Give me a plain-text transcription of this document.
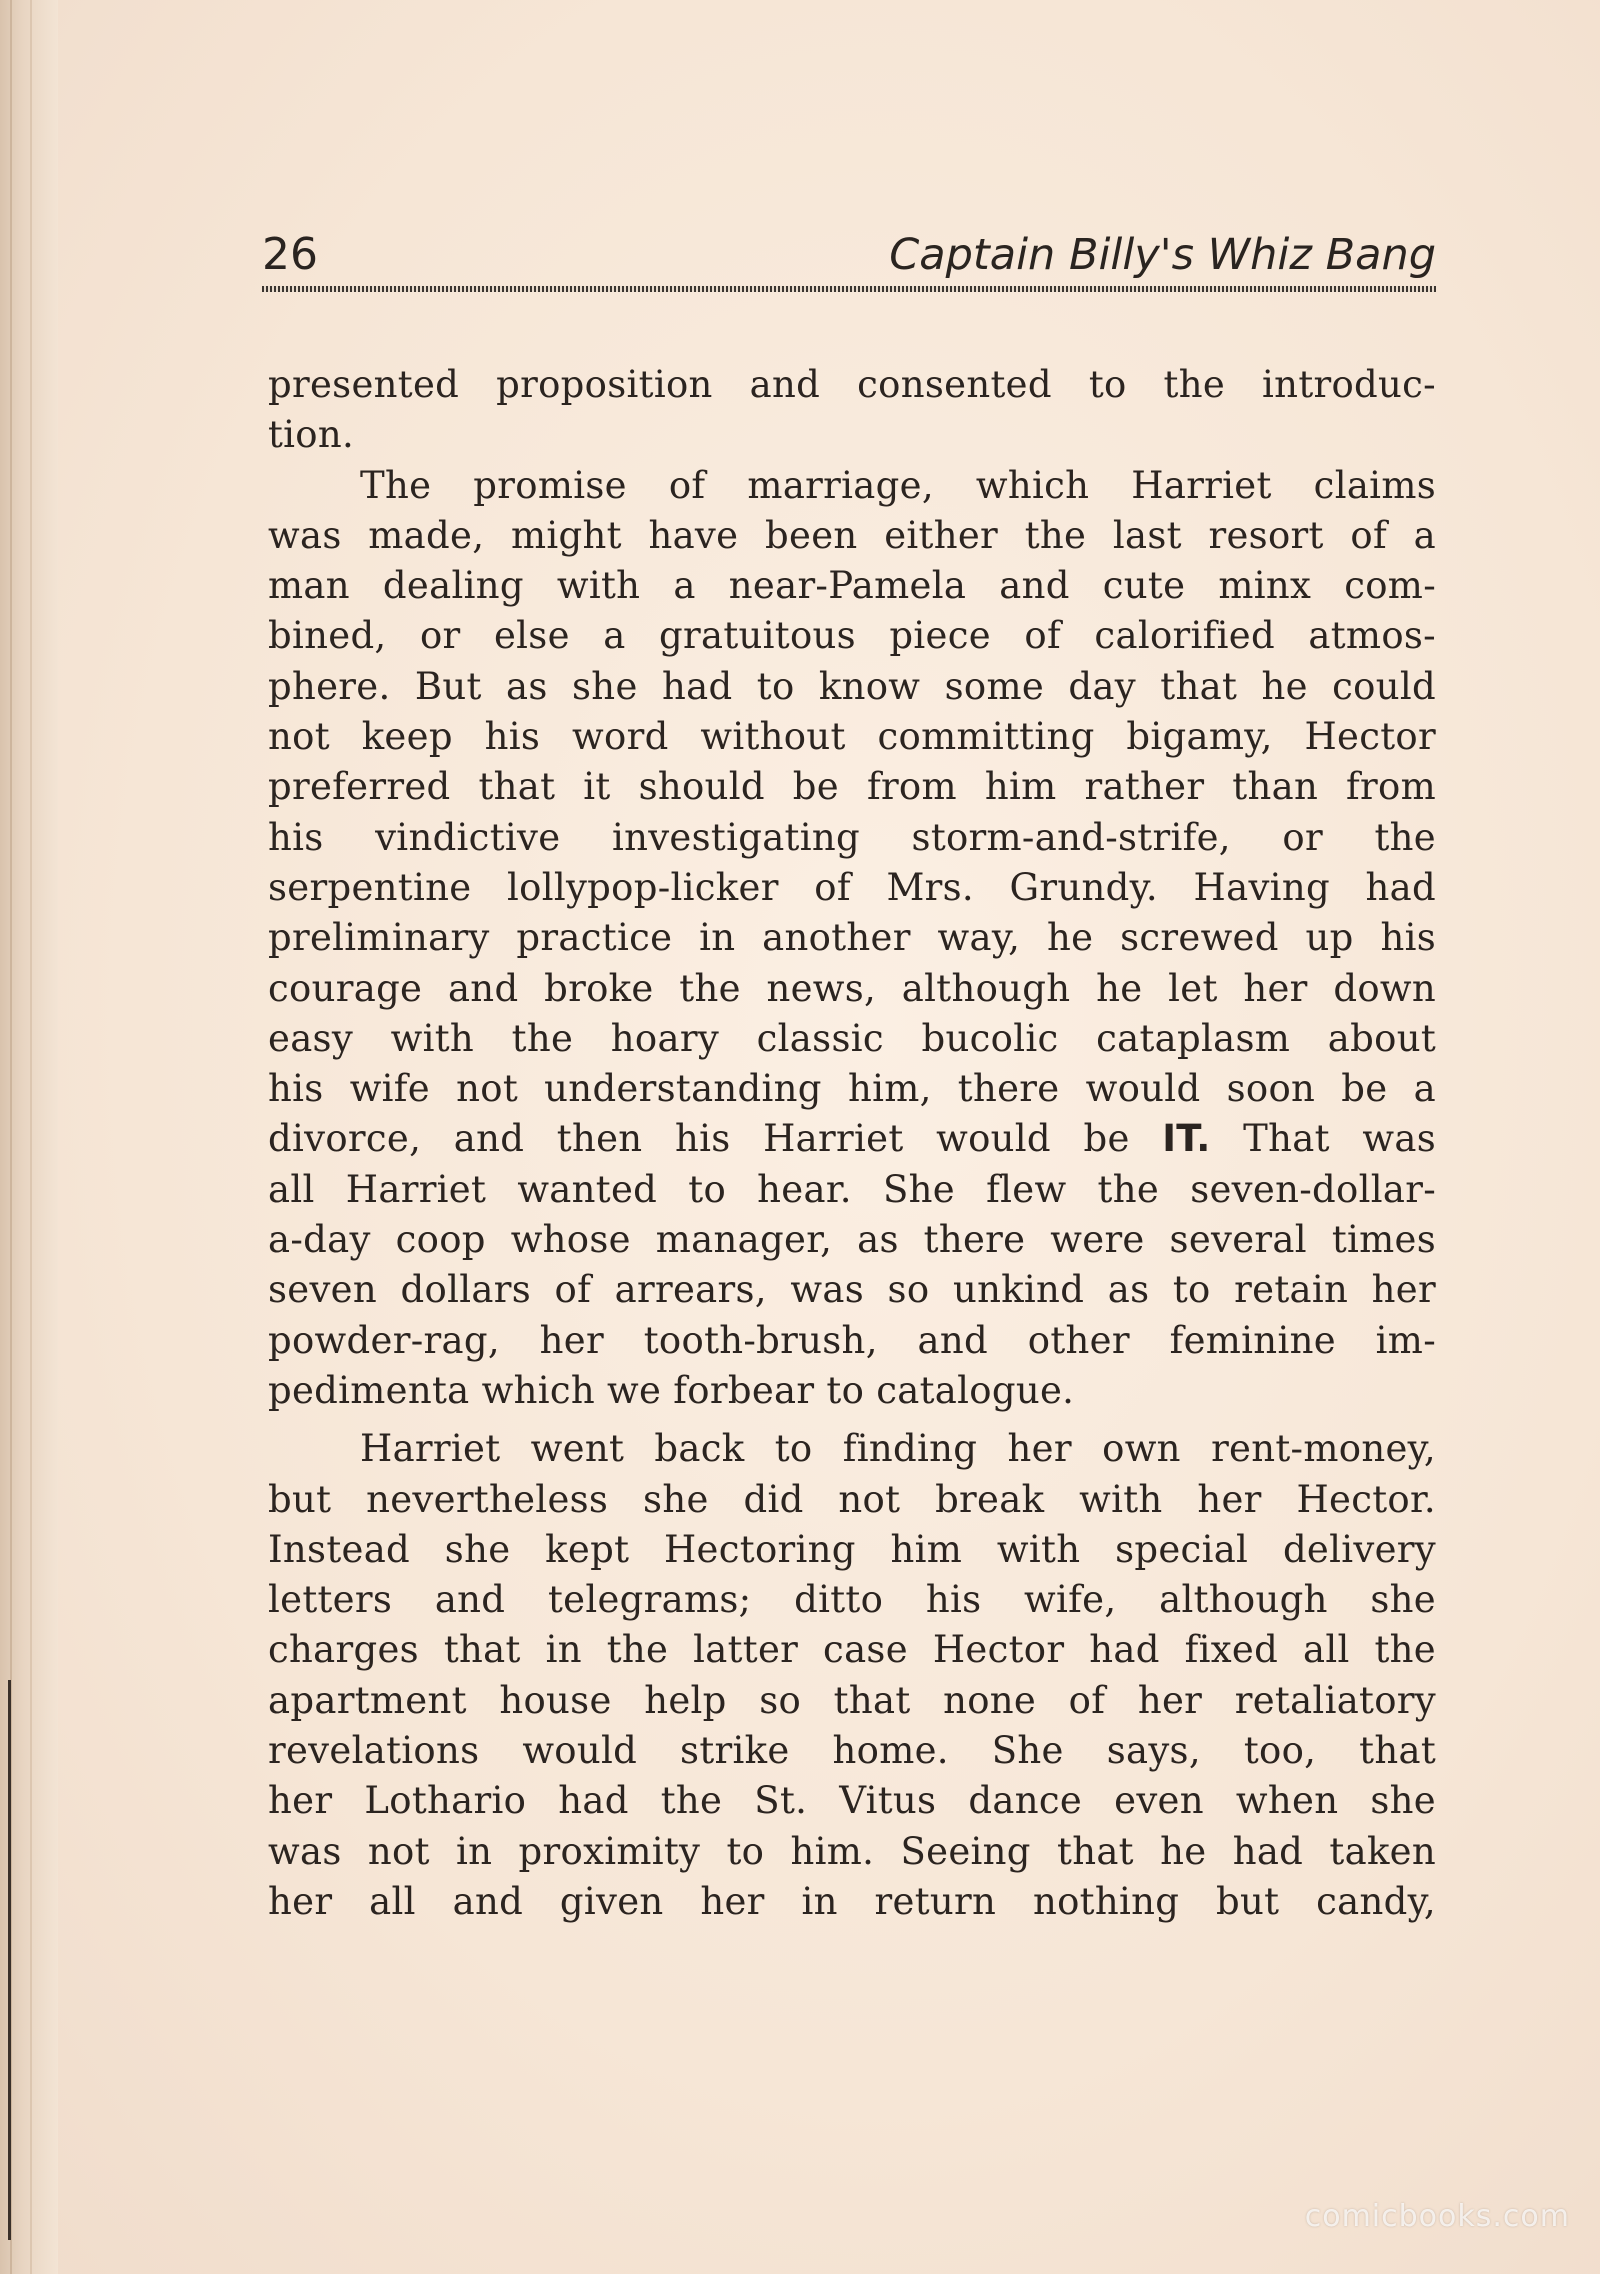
26	Captain Billy's Whiz Bang
presented proposition and consented to the introduc-
tion.
The promise of marriage, which Harriet claims
was made, might have been either the last resort of a
man dealing with a near-Pamela and cute minx com-
bined, or else a gratuitous piece of calorified atmos-
phere. But as she had to know some day that he could
not keep his word without committing bigamy, Hector
preferred that it should be from him rather than from
his vindictive investigating storm-and-strife, or the
serpentine lollypop-licker of Mrs. Grundy. Having had
preliminary practice in another way, he screwed up his
courage and broke the news, although he let her down
easy with the hoary classic bucolic cataplasm about
his wife not understanding him, there would soon be a
divorce, and then his Harriet would be IT. That was
all Harriet wanted to hear. She flew the seven-dollar-
a-day coop whose manager, as there were several times
seven dollars of arrears, was so unkind as to retain her
powder-rag, her tooth-brush, and other feminine im-
pedimenta which we forbear to catalogue.
Harriet went back to finding her own rent-money,
but nevertheless she did not break with her Hector.
Instead she kept Hectoring him with special delivery
letters and telegrams; ditto his wife, although she
charges that in the latter case Hector had fixed all the
apartment house help so that none of her retaliatory
revelations would strike home. She says, too, that
her Lothario had the St. Vitus dance even when she
was not in proximity to him. Seeing that he had taken
her all and given her in return nothing but candy,
comicbooks.com
